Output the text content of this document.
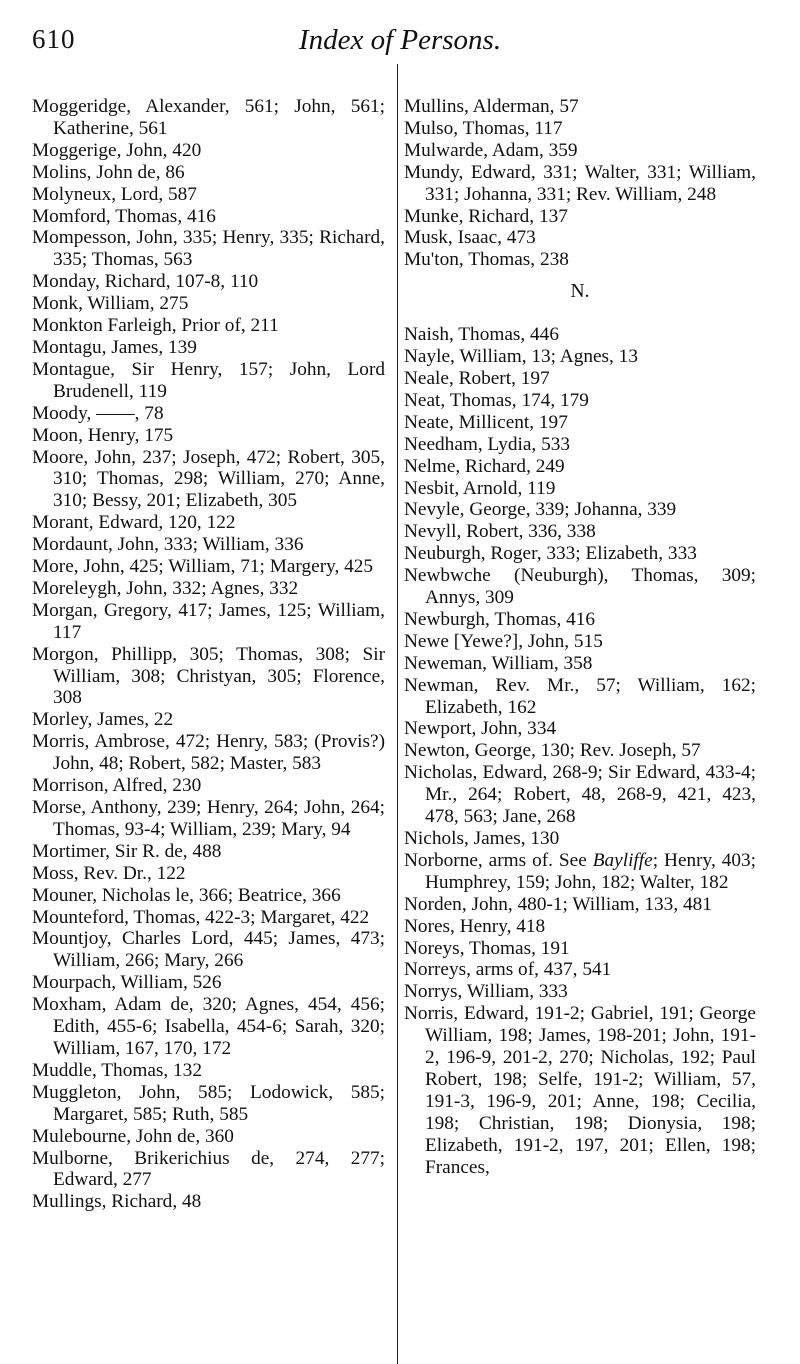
610	Index of Persons.

Moggeridge, Alexander, 561; John, 561; Katherine, 561

Moggerige, John, 420

Molins, John de, 86

Molyneux, Lord, 587

Momford, Thomas, 416

Mompesson, John, 335; Henry, 335; Richard, 335; Thomas, 563

Monday, Richard, 107-8, 110

Monk, William, 275

Monkton Farleigh, Prior of, 211

Montagu, James, 139

Montague, Sir Henry, 157; John, Lord Brudenell, 119

Moody, ——, 78

Moon, Henry, 175

Moore, John, 237; Joseph, 472; Robert, 305, 310; Thomas, 298; William, 270; Anne, 310; Bessy, 201; Elizabeth, 305

Morant, Edward, 120, 122

Mordaunt, John, 333; William, 336

More, John, 425; William, 71; Margery, 425

Moreleygh, John, 332; Agnes, 332

Morgan, Gregory, 417; James, 125; William, 117

Morgon, Phillipp, 305; Thomas, 308; Sir William, 308; Christyan, 305; Florence, 308

Morley, James, 22

Morris, Ambrose, 472; Henry, 583; (Provis?) John, 48; Robert, 582; Master, 583

Morrison, Alfred, 230

Morse, Anthony, 239; Henry, 264; John, 264; Thomas, 93-4; William, 239; Mary, 94

Mortimer, Sir R. de, 488

Moss, Rev. Dr., 122

Mouner, Nicholas le, 366; Beatrice, 366

Mounteford, Thomas, 422-3; Margaret, 422

Mountjoy, Charles Lord, 445; James, 473; William, 266; Mary, 266

Mourpach, William, 526

Moxham, Adam de, 320; Agnes, 454, 456; Edith, 455-6; Isabella, 454-6; Sarah, 320; William, 167, 170, 172

Muddle, Thomas, 132

Muggleton, John, 585; Lodowick, 585; Margaret, 585; Ruth, 585

Mulebourne, John de, 360

Mulborne, Brikerichius de, 274, 277; Edward, 277

Mullings, Richard, 48

Mullins, Alderman, 57

Mulso, Thomas, 117

Mulwarde, Adam, 359

Mundy, Edward, 331; Walter, 331; William, 331; Johanna, 331; Rev. William, 248

Munke, Richard, 137

Musk, Isaac, 473

Mu'ton, Thomas, 238

N.

Naish, Thomas, 446

Nayle, William, 13; Agnes, 13

Neale, Robert, 197

Neat, Thomas, 174, 179

Neate, Millicent, 197

Needham, Lydia, 533

Nelme, Richard, 249

Nesbit, Arnold, 119

Nevyle, George, 339; Johanna, 339

Nevyll, Robert, 336, 338

Neuburgh, Roger, 333; Elizabeth, 333

Newbwche (Neuburgh), Thomas, 309; Annys, 309

Newburgh, Thomas, 416

Newe [Yewe?], John, 515

Neweman, William, 358

Newman, Rev. Mr., 57; William, 162; Elizabeth, 162

Newport, John, 334

Newton, George, 130; Rev. Joseph, 57

Nicholas, Edward, 268-9; Sir Edward, 433-4; Mr., 264; Robert, 48, 268-9, 421, 423, 478, 563; Jane, 268

Nichols, James, 130

Norborne, arms of. See Bayliffe; Henry, 403; Humphrey, 159; John, 182; Walter, 182

Norden, John, 480-1; William, 133, 481

Nores, Henry, 418

Noreys, Thomas, 191

Norreys, arms of, 437, 541

Norrys, William, 333

Norris, Edward, 191-2; Gabriel, 191; George William, 198; James, 198-201; John, 191-2, 196-9, 201-2, 270; Nicholas, 192; Paul Robert, 198; Selfe, 191-2; William, 57, 191-3, 196-9, 201; Anne, 198; Cecilia, 198; Christian, 198; Dionysia, 198; Elizabeth, 191-2, 197, 201; Ellen, 198; Frances,
